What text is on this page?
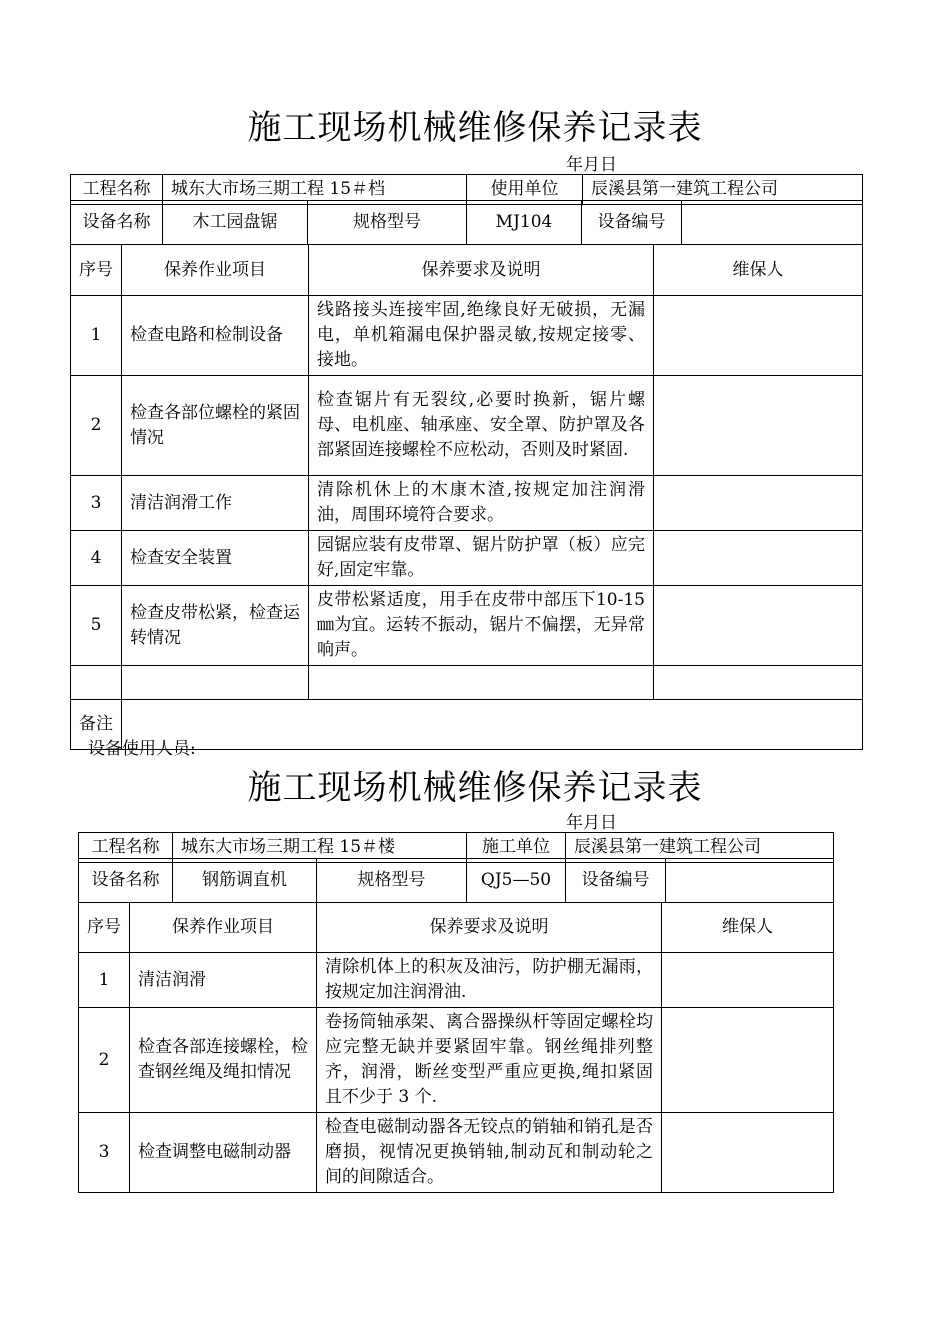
施工现场机械维修保养记录表
年月日
工程名称	城东大市场三期工程 15＃档	使用单位	辰溪县第一建筑工程公司
设备名称	木工园盘锯	规格型号	MJ104	设备编号	
序号	保养作业项目	保养要求及说明	维保人
1	检查电路和检制设备	线路接头连接牢固,绝缘良好无破损，无漏电，单机箱漏电保护器灵敏,按规定接零、接地。	
2	检查各部位螺栓的紧固情况	检查锯片有无裂纹,必要时换新，锯片螺母、电机座、轴承座、安全罩、防护罩及各部紧固连接螺栓不应松动，否则及时紧固.	
3	清洁润滑工作	清除机休上的木康木渣,按规定加注润滑油，周围环境符合要求。	
4	检查安全装置	园锯应装有皮带罩、锯片防护罩（板）应完好,固定牢靠。	
5	检查皮带松紧，检查运转情况	皮带松紧适度，用手在皮带中部压下10-15㎜为宜。运转不振动，锯片不偏摆，无异常响声。	

备注			
设备使用人员:
施工现场机械维修保养记录表
年月日
工程名称	城东大市场三期工程 15＃楼	施工单位	辰溪县第一建筑工程公司
设备名称	钢筋调直机	规格型号	QJ5—50	设备编号	
序号	保养作业项目	保养要求及说明	维保人
1	清洁润滑	清除机体上的积灰及油污，防护棚无漏雨，按规定加注润滑油.	
2	检查各部连接螺栓，检查钢丝绳及绳扣情况	卷扬筒轴承架、离合器操纵杆等固定螺栓均应完整无缺并要紧固牢靠。钢丝绳排列整齐，润滑，断丝变型严重应更换,绳扣紧固且不少于 3 个.	
3	检查调整电磁制动器	检查电磁制动器各无铰点的销轴和销孔是否磨损，视情况更换销轴,制动瓦和制动轮之间的间隙适合。	
